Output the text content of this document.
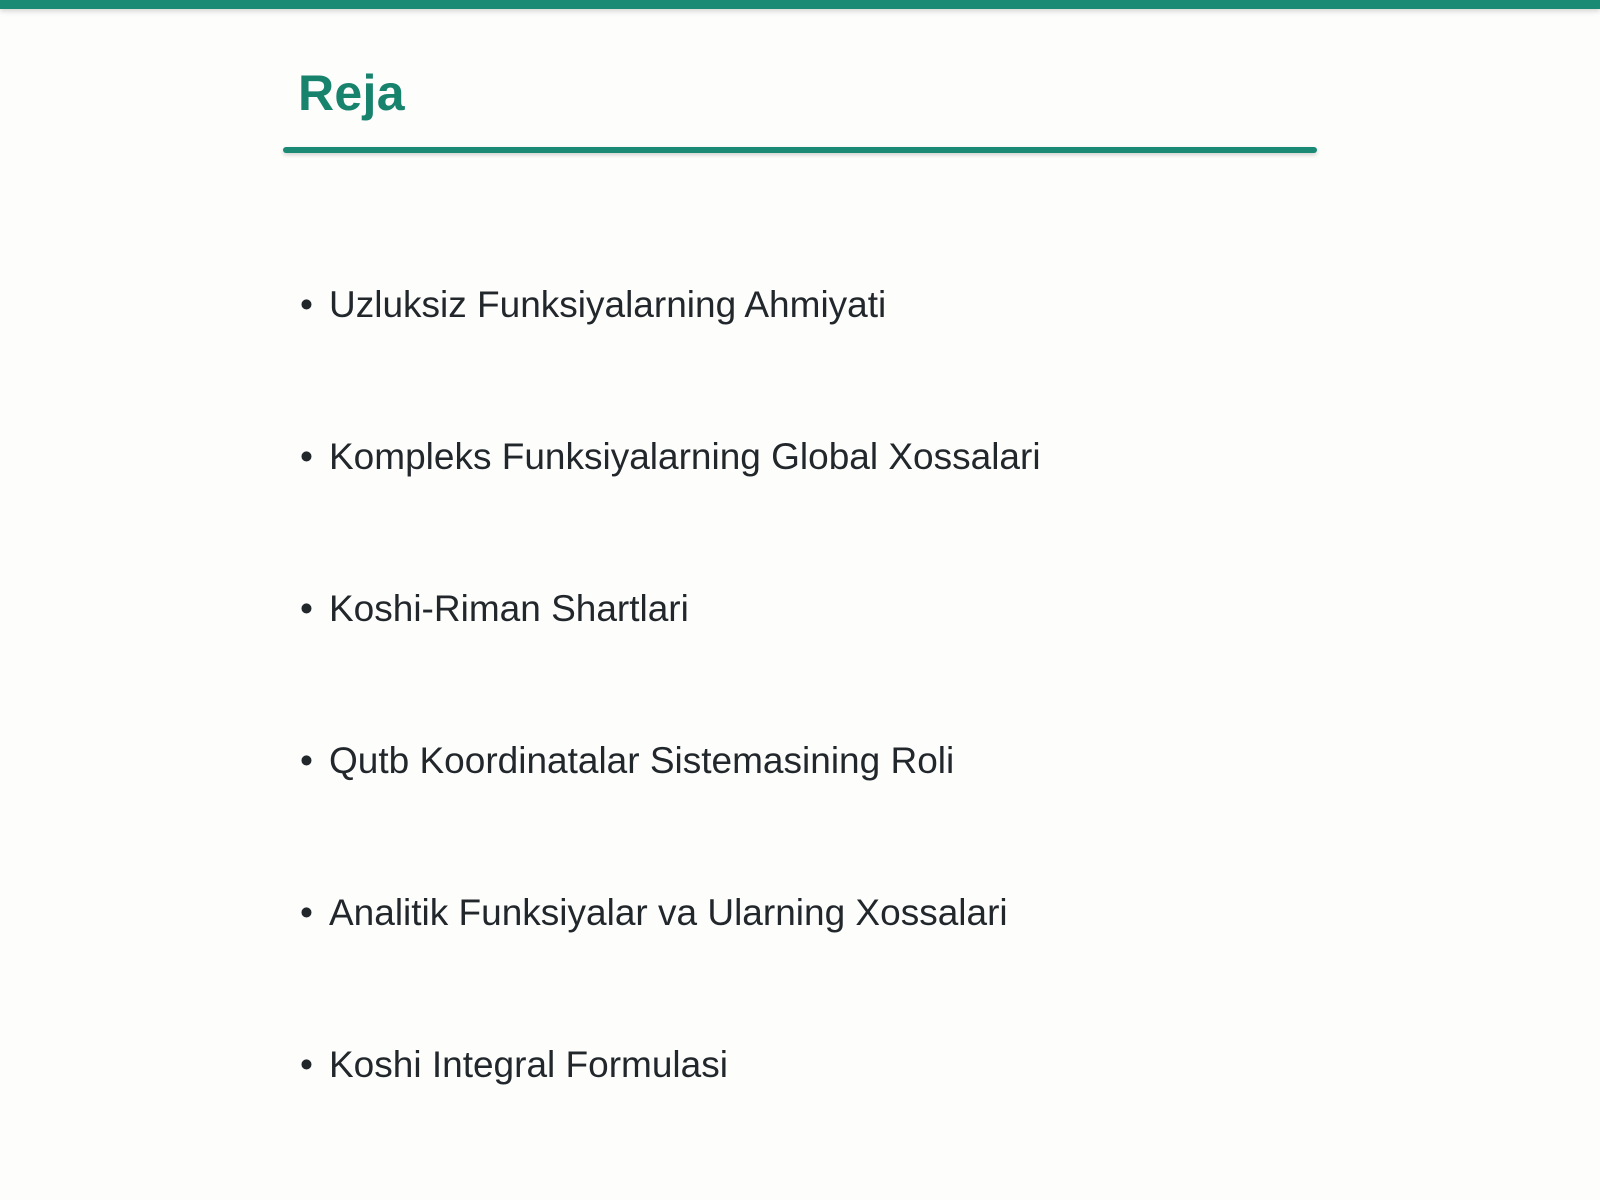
Reja
• Uzluksiz Funksiyalarning Ahmiyati
• Kompleks Funksiyalarning Global Xossalari
• Koshi-Riman Shartlari
• Qutb Koordinatalar Sistemasining Roli
• Analitik Funksiyalar va Ularning Xossalari
• Koshi Integral Formulasi
